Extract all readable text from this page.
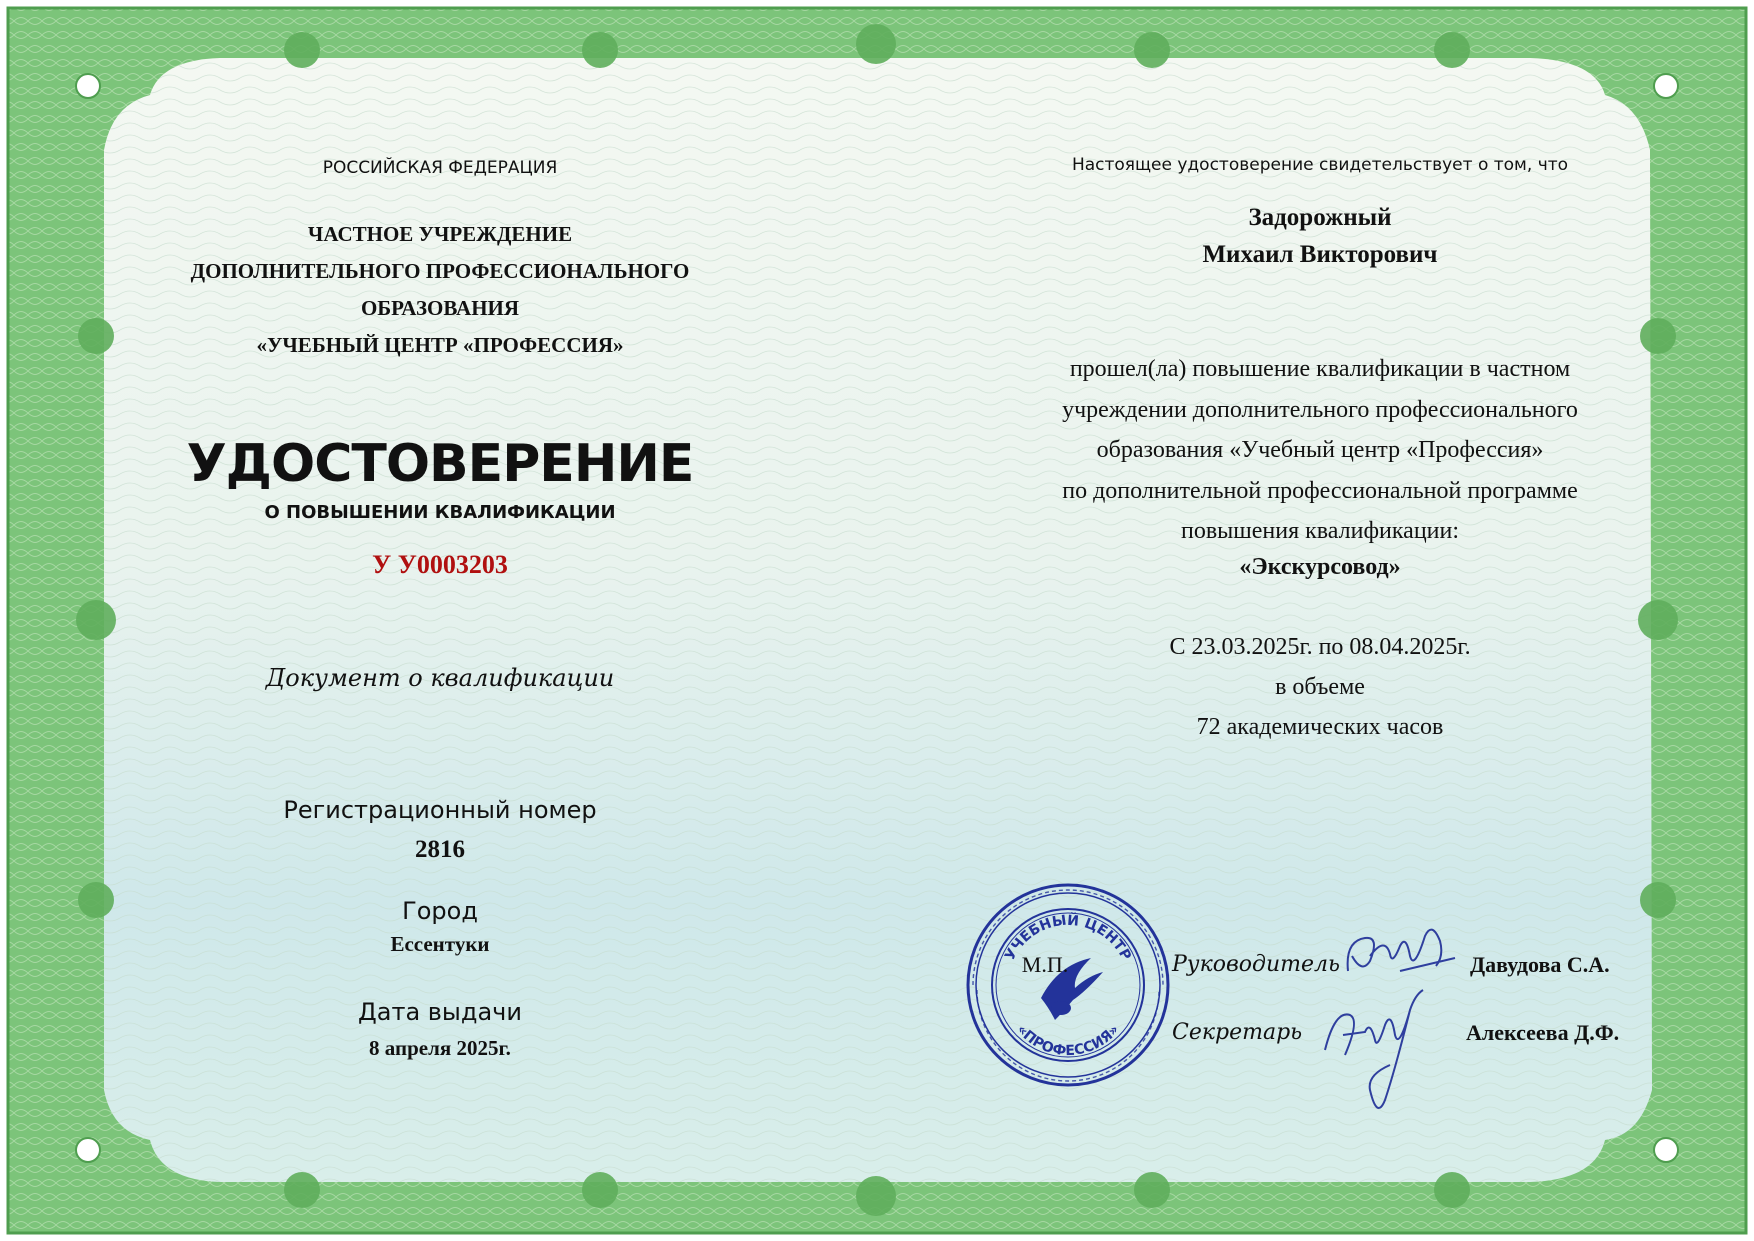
РОССИЙСКАЯ ФЕДЕРАЦИЯ
ЧАСТНОЕ УЧРЕЖДЕНИЕ
ДОПОЛНИТЕЛЬНОГО ПРОФЕССИОНАЛЬНОГО
ОБРАЗОВАНИЯ
«УЧЕБНЫЙ ЦЕНТР «ПРОФЕССИЯ»
УДОСТОВЕРЕНИЕ
О ПОВЫШЕНИИ КВАЛИФИКАЦИИ
У У0003203
Документ о квалификации
Регистрационный номер
2816
Город
Ессентуки
Дата выдачи
8 апреля 2025г.
Настоящее удостоверение свидетельствует о том, что
Задорожный
Михаил Викторович
прошел(ла) повышение квалификации в частном
учреждении дополнительного профессионального
образования «Учебный центр «Профессия»
по дополнительной профессиональной программе
повышения квалификации:
«Экскурсовод»
С 23.03.2025г. по 08.04.2025г.
в объеме
72 академических часов
УЧЕБНЫЙ ЦЕНТР
«ПРОФЕССИЯ»
М.П.	Руководитель	Давудова С.А.
Секретарь	Алексеева Д.Ф.
